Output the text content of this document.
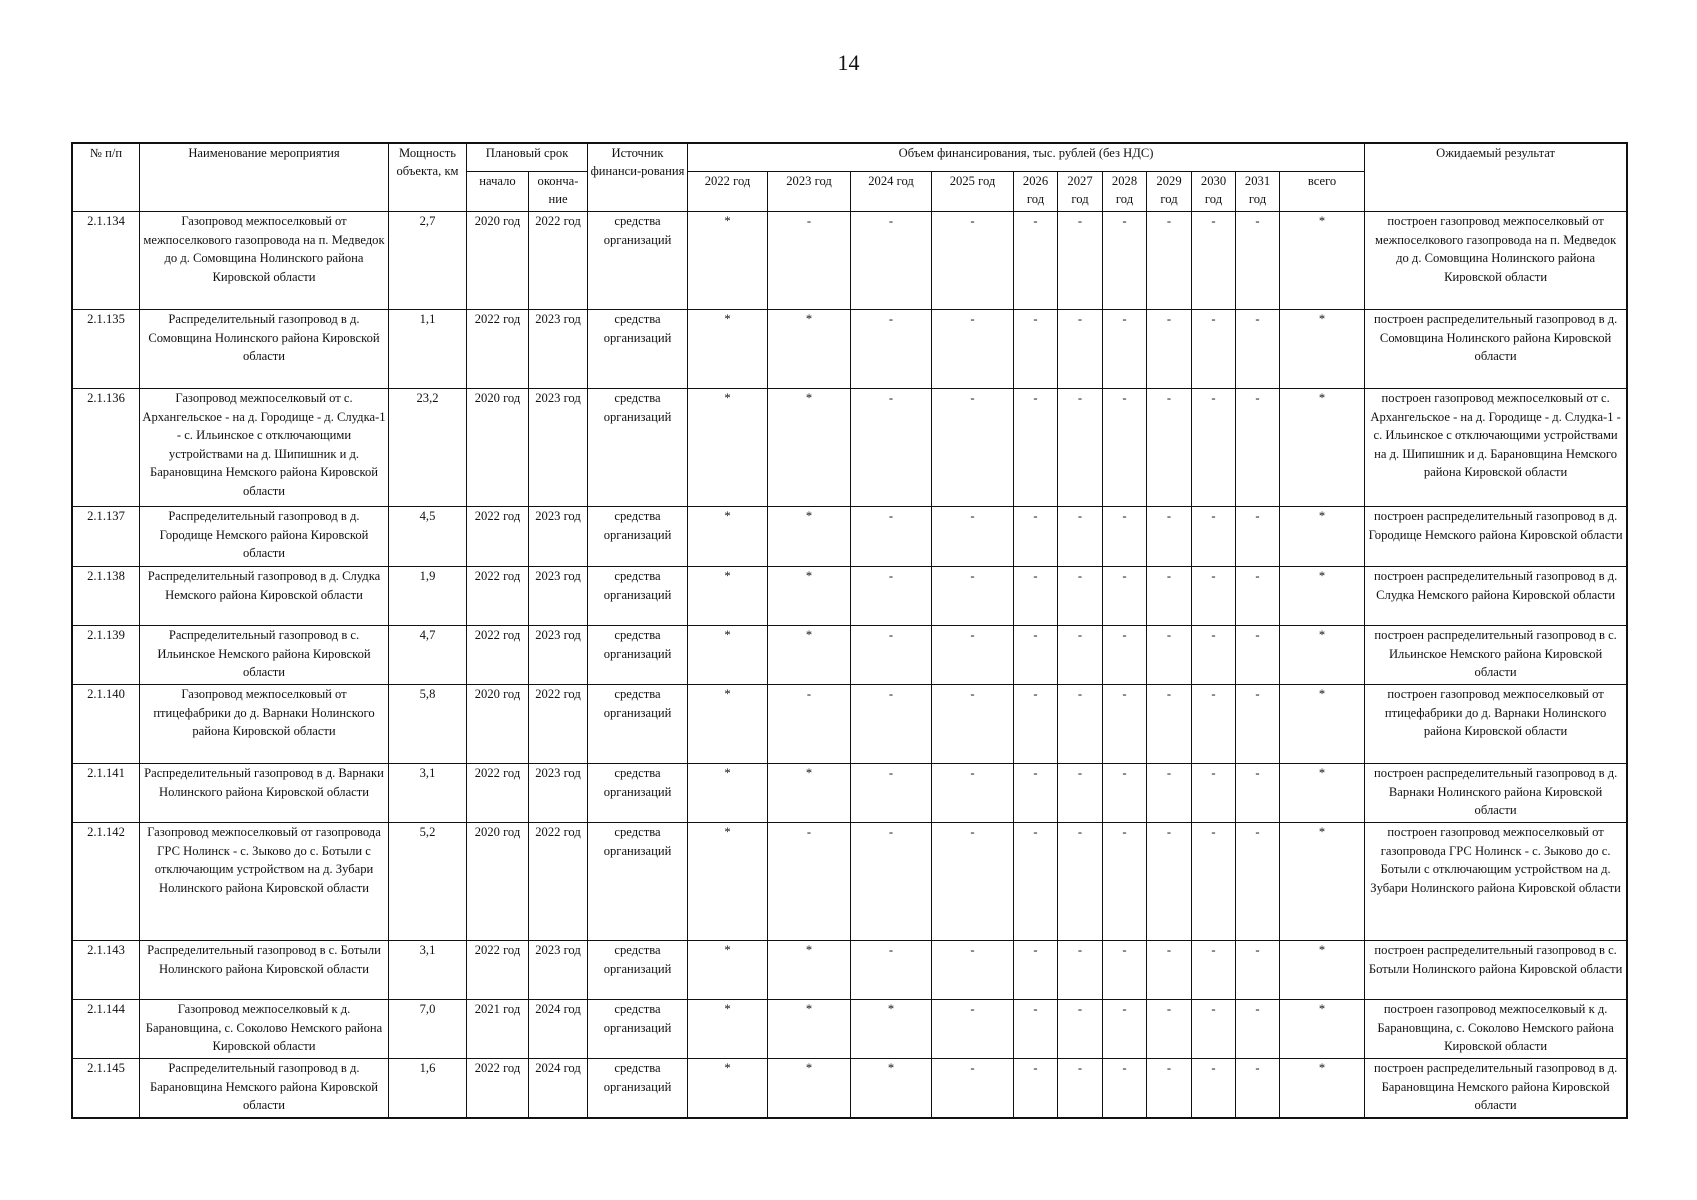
14
№ п/п	Наименование мероприятия	Мощность объекта, км	Плановый срок		Источник финанси-рования	Объем финансирования, тыс. рублей (без НДС)											Ожидаемый результат
			начало	оконча-ние		2022 год	2023 год	2024 год	2025 год	2026 год	2027 год	2028 год	2029 год	2030 год	2031 год	всего	
2.1.134	Газопровод межпоселковый от межпоселкового газопровода на п. Медведок до д. Сомовщина Нолинского района Кировской области	2,7	2020 год	2022 год	средства организаций	*	-	-	-	-	-	-	-	-	-	*	построен газопровод межпоселковый от межпоселкового газопровода на п. Медведок до д. Сомовщина Нолинского района Кировской области
2.1.135	Распределительный газопровод в д. Сомовщина Нолинского района Кировской области	1,1	2022 год	2023 год	средства организаций	*	*	-	-	-	-	-	-	-	-	*	построен распределительный газопровод в д. Сомовщина Нолинского района Кировской области
2.1.136	Газопровод межпоселковый от с. Архангельское - на д. Городище - д. Слудка-1 - с. Ильинское с отключающими устройствами на д. Шипишник и д. Барановщина Немского района Кировской области	23,2	2020 год	2023 год	средства организаций	*	*	-	-	-	-	-	-	-	-	*	построен газопровод межпоселковый от с. Архангельское - на д. Городище - д. Слудка-1 - с. Ильинское с отключающими устройствами на д. Шипишник и д. Барановщина Немского района Кировской области
2.1.137	Распределительный газопровод в д. Городище Немского района Кировской области	4,5	2022 год	2023 год	средства организаций	*	*	-	-	-	-	-	-	-	-	*	построен распределительный газопровод в д. Городище Немского района Кировской области
2.1.138	Распределительный газопровод в д. Слудка Немского района Кировской области	1,9	2022 год	2023 год	средства организаций	*	*	-	-	-	-	-	-	-	-	*	построен распределительный газопровод в д. Слудка Немского района Кировской области
2.1.139	Распределительный газопровод в с. Ильинское Немского района Кировской области	4,7	2022 год	2023 год	средства организаций	*	*	-	-	-	-	-	-	-	-	*	построен распределительный газопровод в с. Ильинское Немского района Кировской области
2.1.140	Газопровод межпоселковый от птицефабрики до д. Варнаки Нолинского района Кировской области	5,8	2020 год	2022 год	средства организаций	*	-	-	-	-	-	-	-	-	-	*	построен газопровод межпоселковый от птицефабрики до д. Варнаки Нолинского района Кировской области
2.1.141	Распределительный газопровод в д. Варнаки Нолинского района Кировской области	3,1	2022 год	2023 год	средства организаций	*	*	-	-	-	-	-	-	-	-	*	построен распределительный газопровод в д. Варнаки Нолинского района Кировской области
2.1.142	Газопровод межпоселковый от газопровода ГРС Нолинск - с. Зыково до с. Ботыли с отключающим устройством на д. Зубари Нолинского района Кировской области	5,2	2020 год	2022 год	средства организаций	*	-	-	-	-	-	-	-	-	-	*	построен газопровод межпоселковый от газопровода ГРС Нолинск - с. Зыково до с. Ботыли с отключающим устройством на д. Зубари Нолинского района Кировской области
2.1.143	Распределительный газопровод в с. Ботыли Нолинского района Кировской области	3,1	2022 год	2023 год	средства организаций	*	*	-	-	-	-	-	-	-	-	*	построен распределительный газопровод в с. Ботыли Нолинского района Кировской области
2.1.144	Газопровод межпоселковый к д. Барановщина, с. Соколово Немского района Кировской области	7,0	2021 год	2024 год	средства организаций	*	*	*	-	-	-	-	-	-	-	*	построен газопровод межпоселковый к д. Барановщина, с. Соколово Немского района Кировской области
2.1.145	Распределительный газопровод в д. Барановщина Немского района Кировской области	1,6	2022 год	2024 год	средства организаций	*	*	*	-	-	-	-	-	-	-	*	построен распределительный газопровод в д. Барановщина Немского района Кировской области
